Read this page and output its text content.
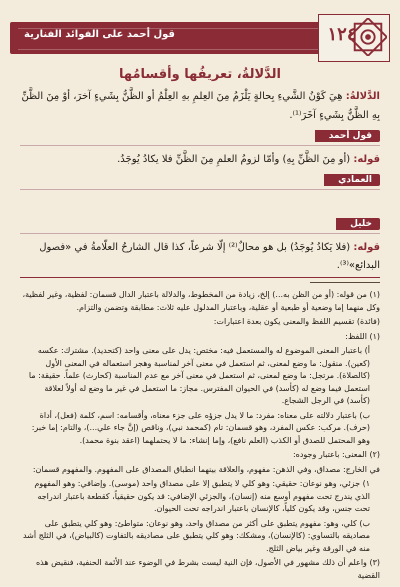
قول أحمد على الفوائد الفنارية	١٢٤
الدَّلالةُ، تعريفُها وأقسامُها

الدَّلالةُ: هِيَ كَوْنُ الشَّيءِ بِحالةٍ يَلْزَمُ مِنَ العِلمِ بهِ العِلْمُ أو الظَّنُّ بِشَيءٍ آخرَ، أوْ مِنَ الظَّنِّ بِهِ الظَّنُّ بِشَيءٍ آخَرَ⁽¹⁾.

قول أحمد

قوله: (أو مِنَ الظَّنِّ بِهِ) وأمّا لزومُ العلمِ مِنَ الظَّنِّ فلا يكادُ يُوجَدُ.

العمادي
خليل

قوله: (فلا يَكادُ يُوجَدُ) بل هو محالٌ⁽²⁾ إلّا شرعاً، كذا قال الشارحُ العلّامةُ في «فصول البدائع»⁽³⁾.

(١) من قوله: (أو من الظن به...) إلخ، زيادة من المخطوط، والدلالة باعتبار الدال قسمان: لفظية، وغير لفظية، وكل منهما إما وضعية أو طبعية أو عقلية، وباعتبار المدلول عليه ثلاث: مطابقة وتضمن والتزام.

(فائدة) تقسيم اللفظ والمعنى يكون بعدة اعتبارات:

(١) اللفظ:

أ) باعتبار المعنى الموضوع له والمستعمل فيه: مختص: يدل على معنى واحد (كتحديد). مشترك: عكسه (كعين). منقول: ما وضع لمعنى، ثم استعمل في معنى آخر لمناسبة وهجر استعماله في المعنى الأول (كالصلاة). مرتجل: ما وضع لمعنى، ثم استعمل في معنى آخر مع عدم المناسبة (كحارث) علماً. حقيقة: ما استعمل فيما وضع له (كأسد) في الحيوان المفترس. مجاز: ما استعمل في غير ما وضع له أولاً لعلاقة (كأسد) في الرجل الشجاع.

ب) باعتبار دلالته على معناه: مفرد: ما لا يدل جزؤه على جزء معناه، وأقسامه: اسم، كلمة (فعل)، أداة (حرف). مركب: عكس المفرد، وهو قسمان: تام (كمحمد نبي)، وناقص (إنَّ جاء علي...)، والتام: إما خبر: وهو المحتمل للصدق أو الكذب (العلم نافع)، وإما إنشاء: ما لا يحتملهما (اعقد بنوة محمد).

(٢) المعنى: باعتبار وجوده:

في الخارج: مصداق، وفي الذهن: مفهوم، والعلاقة بينهما انطباق المصداق على المفهوم. والمفهوم قسمان:

١) جزئي، وهو نوعان: حقيقي: وهو كلي لا يتطبق إلا على مصداق واحد (موسى). وإضافي: وهو المفهوم الذي يندرج تحت مفهوم أوسع منه (إنسان)، والجزئي الإضافي: قد يكون حقيقياً، كقطعة باعتبار اندراجه تحت جنس، وقد يكون كلياً، كالإنسان باعتبار اندراجه تحت الحيوان.

ب) كلي، وهو: مفهوم يتطبق على أكثر من مصداق واحد، وهو نوعان: متواطئ: وهو كلي يتطبق على مصاديقه بالتساوي: (كالإنسان)، ومشكك: وهو كلي يتطبق على مصاديقه بالتفاوت (كالبياض)، في الثلج أشد منه في الورقة وغير بياض الثلج.

(٣) واعلم أن ذلك مشهور في الأصول، فإن النية ليست بشرط في الوضوء عند الأئمة الحنفية، فنقيض هذه القضية
